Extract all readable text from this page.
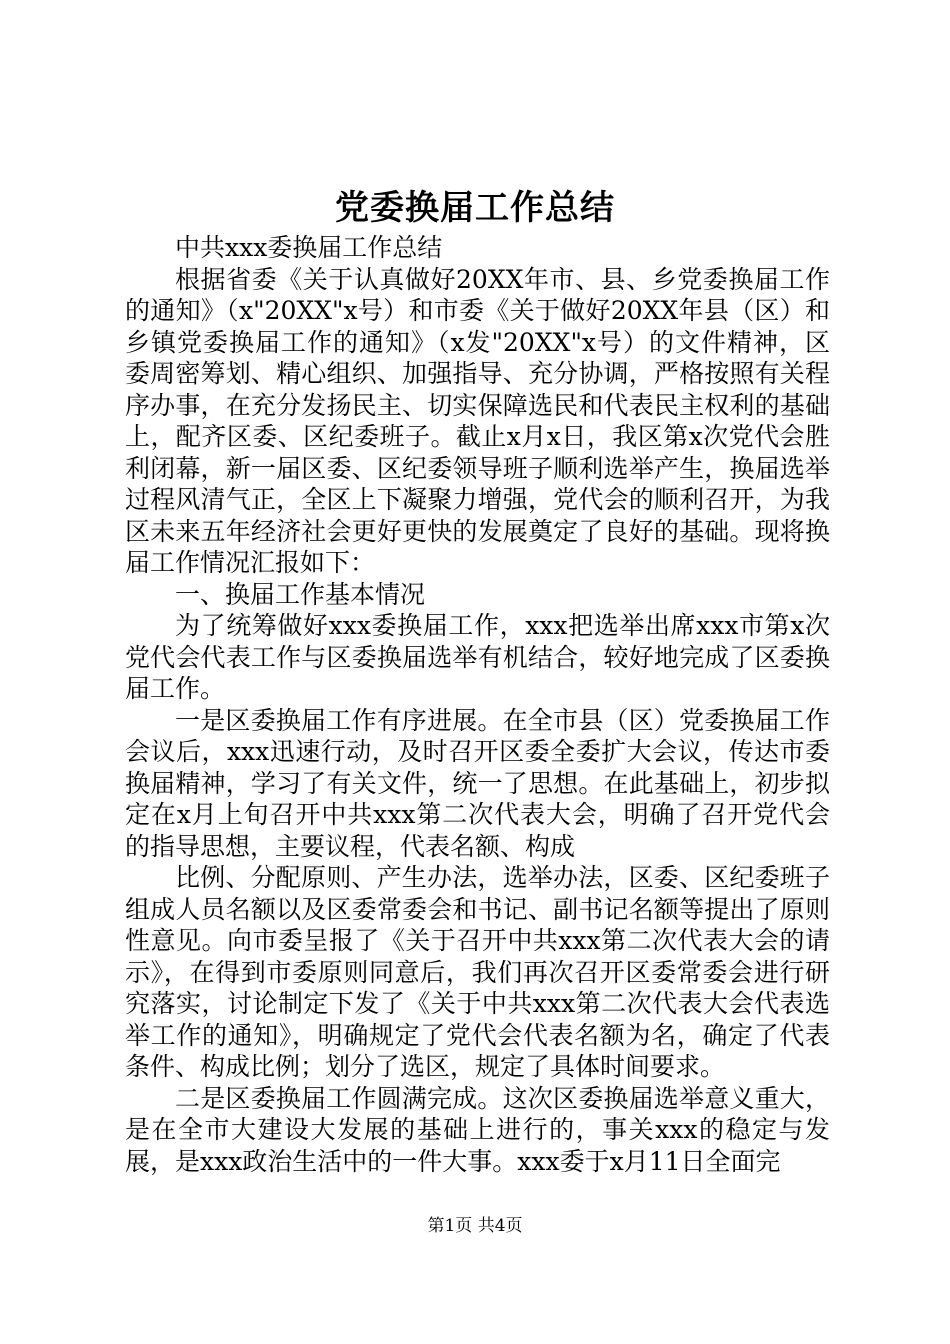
党委换届工作总结

中共xxx委换届工作总结

根据省委《关于认真做好20XX年市、县、乡党委换届工作的通知》（x"20XX"x号）和市委《关于做好20XX年县（区）和乡镇党委换届工作的通知》（x发"20XX"x号）的文件精神，区委周密筹划、精心组织、加强指导、充分协调，严格按照有关程序办事，在充分发扬民主、切实保障选民和代表民主权利的基础上，配齐区委、区纪委班子。截止x月x日，我区第x次党代会胜利闭幕，新一届区委、区纪委领导班子顺利选举产生，换届选举过程风清气正，全区上下凝聚力增强，党代会的顺利召开，为我区未来五年经济社会更好更快的发展奠定了良好的基础。现将换届工作情况汇报如下：

一、换届工作基本情况

为了统筹做好xxx委换届工作，xxx把选举出席xxx市第x次党代会代表工作与区委换届选举有机结合，较好地完成了区委换届工作。

一是区委换届工作有序进展。在全市县（区）党委换届工作会议后，xxx迅速行动，及时召开区委全委扩大会议，传达市委换届精神，学习了有关文件，统一了思想。在此基础上，初步拟定在x月上旬召开中共xxx第二次代表大会，明确了召开党代会的指导思想，主要议程，代表名额、构成

比例、分配原则、产生办法，选举办法，区委、区纪委班子组成人员名额以及区委常委会和书记、副书记名额等提出了原则性意见。向市委呈报了《关于召开中共xxx第二次代表大会的请示》，在得到市委原则同意后，我们再次召开区委常委会进行研究落实，讨论制定下发了《关于中共xxx第二次代表大会代表选举工作的通知》，明确规定了党代会代表名额为名，确定了代表条件、构成比例；划分了选区，规定了具体时间要求。

二是区委换届工作圆满完成。这次区委换届选举意义重大，是在全市大建设大发展的基础上进行的，事关xxx的稳定与发展，是xxx政治生活中的一件大事。xxx委于x月11日全面完

第1页 共4页
